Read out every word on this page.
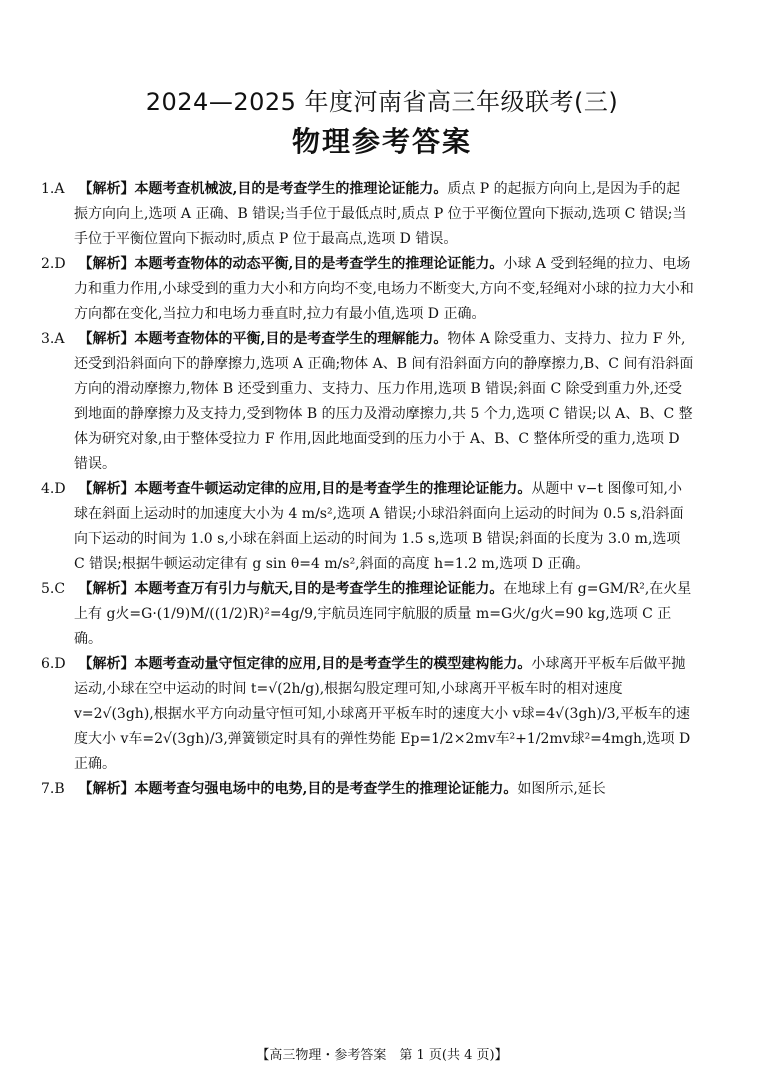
2024—2025 年度河南省高三年级联考(三)
物理参考答案
1.A 【解析】本题考查机械波,目的是考查学生的推理论证能力。质点 P 的起振方向向上,是因为手的起振方向向上,选项 A 正确、B 错误;当手位于最低点时,质点 P 位于平衡位置向下振动,选项 C 错误;当手位于平衡位置向下振动时,质点 P 位于最高点,选项 D 错误。
2.D 【解析】本题考查物体的动态平衡,目的是考查学生的推理论证能力。小球 A 受到轻绳的拉力、电场力和重力作用,小球受到的重力大小和方向均不变,电场力不断变大,方向不变,轻绳对小球的拉力大小和方向都在变化,当拉力和电场力垂直时,拉力有最小值,选项 D 正确。
3.A 【解析】本题考查物体的平衡,目的是考查学生的理解能力。物体 A 除受重力、支持力、拉力 F 外,还受到沿斜面向下的静摩擦力,选项 A 正确;物体 A、B 间有沿斜面方向的静摩擦力,B、C 间有沿斜面方向的滑动摩擦力,物体 B 还受到重力、支持力、压力作用,选项 B 错误;斜面 C 除受到重力外,还受到地面的静摩擦力及支持力,受到物体 B 的压力及滑动摩擦力,共 5 个力,选项 C 错误;以 A、B、C 整体为研究对象,由于整体受拉力 F 作用,因此地面受到的压力小于 A、B、C 整体所受的重力,选项 D 错误。
4.D 【解析】本题考查牛顿运动定律的应用,目的是考查学生的推理论证能力。从题中 v−t 图像可知,小球在斜面上运动时的加速度大小为 4 m/s²,选项 A 错误;小球沿斜面向上运动的时间为 0.5 s,沿斜面向下运动的时间为 1.0 s,小球在斜面上运动的时间为 1.5 s,选项 B 错误;斜面的长度为 3.0 m,选项 C 错误;根据牛顿运动定律有 g sin θ=4 m/s²,斜面的高度 h=1.2 m,选项 D 正确。
5.C 【解析】本题考查万有引力与航天,目的是考查学生的推理论证能力。在地球上有 g=GM/R²,在火星上有 g火=G·(1/9)M/((1/2)R)²=4g/9,宇航员连同宇航服的质量 m=G火/g火=90 kg,选项 C 正确。
6.D 【解析】本题考查动量守恒定律的应用,目的是考查学生的模型建构能力。小球离开平板车后做平抛运动,小球在空中运动的时间 t=√(2h/g),根据勾股定理可知,小球离开平板车时的相对速度 v=2√(3gh),根据水平方向动量守恒可知,小球离开平板车时的速度大小 v球=4√(3gh)/3,平板车的速度大小 v车=2√(3gh)/3,弹簧锁定时具有的弹性势能 Ep=1/2×2mv车²+1/2mv球²=4mgh,选项 D 正确。
7.B 【解析】本题考查匀强电场中的电势,目的是考查学生的推理论证能力。如图所示,延长
【高三物理・参考答案　第 1 页(共 4 页)】
